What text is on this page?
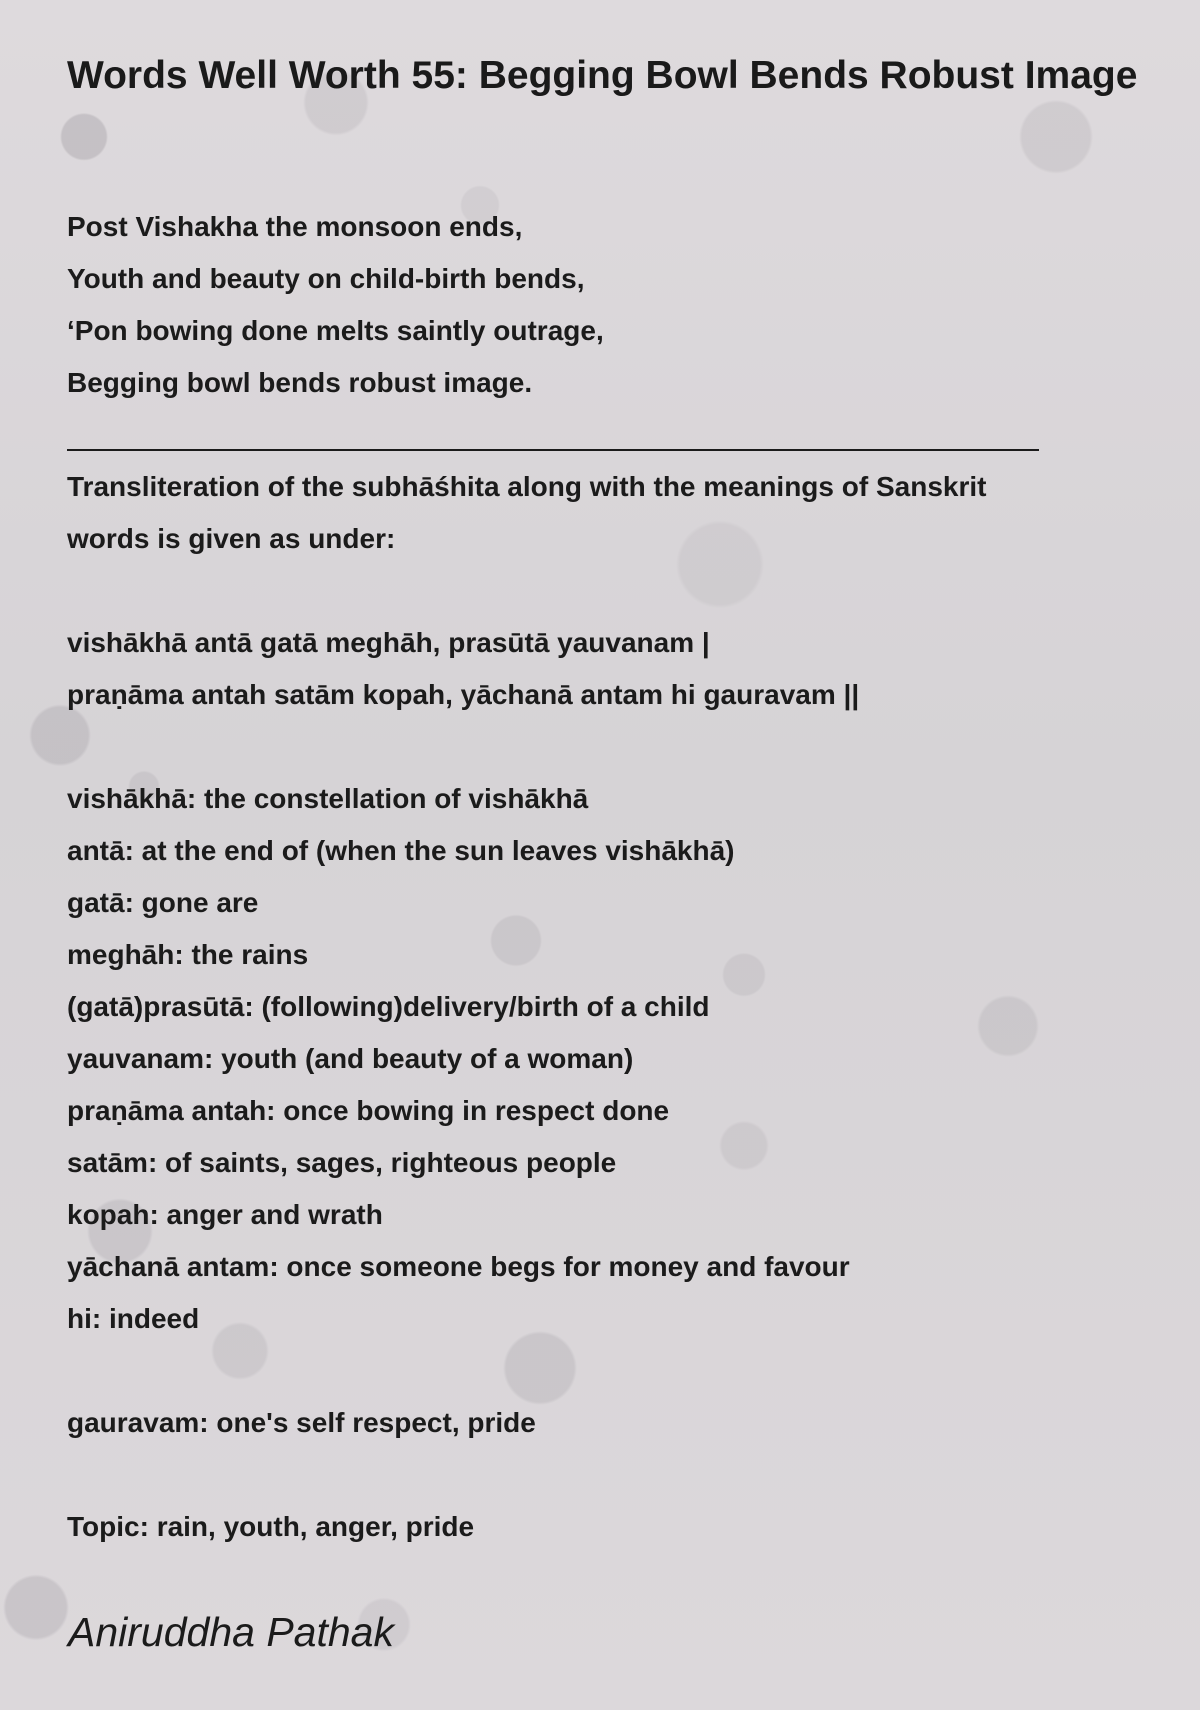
Words Well Worth 55: Begging Bowl Bends Robust Image
Post Vishakha the monsoon ends,
Youth and beauty on child-birth bends,
‘Pon bowing done melts saintly outrage,
Begging bowl bends robust image.
Transliteration of the subhāśhita along with the meanings of Sanskrit
words is given as under:
vishākhā antā gatā meghāh, prasūtā yauvanam |
praṇāma antah satām kopah, yāchanā antam hi gauravam ||
vishākhā: the constellation of vishākhā
antā: at the end of (when the sun leaves vishākhā)
gatā: gone are
meghāh: the rains
(gatā)prasūtā: (following)delivery/birth of a child
yauvanam: youth (and beauty of a woman)
praṇāma antah: once bowing in respect done
satām: of saints, sages, righteous people
kopah: anger and wrath
yāchanā antam: once someone begs for money and favour
hi: indeed
gauravam: one's self respect, pride
Topic: rain, youth, anger, pride

Aniruddha Pathak
